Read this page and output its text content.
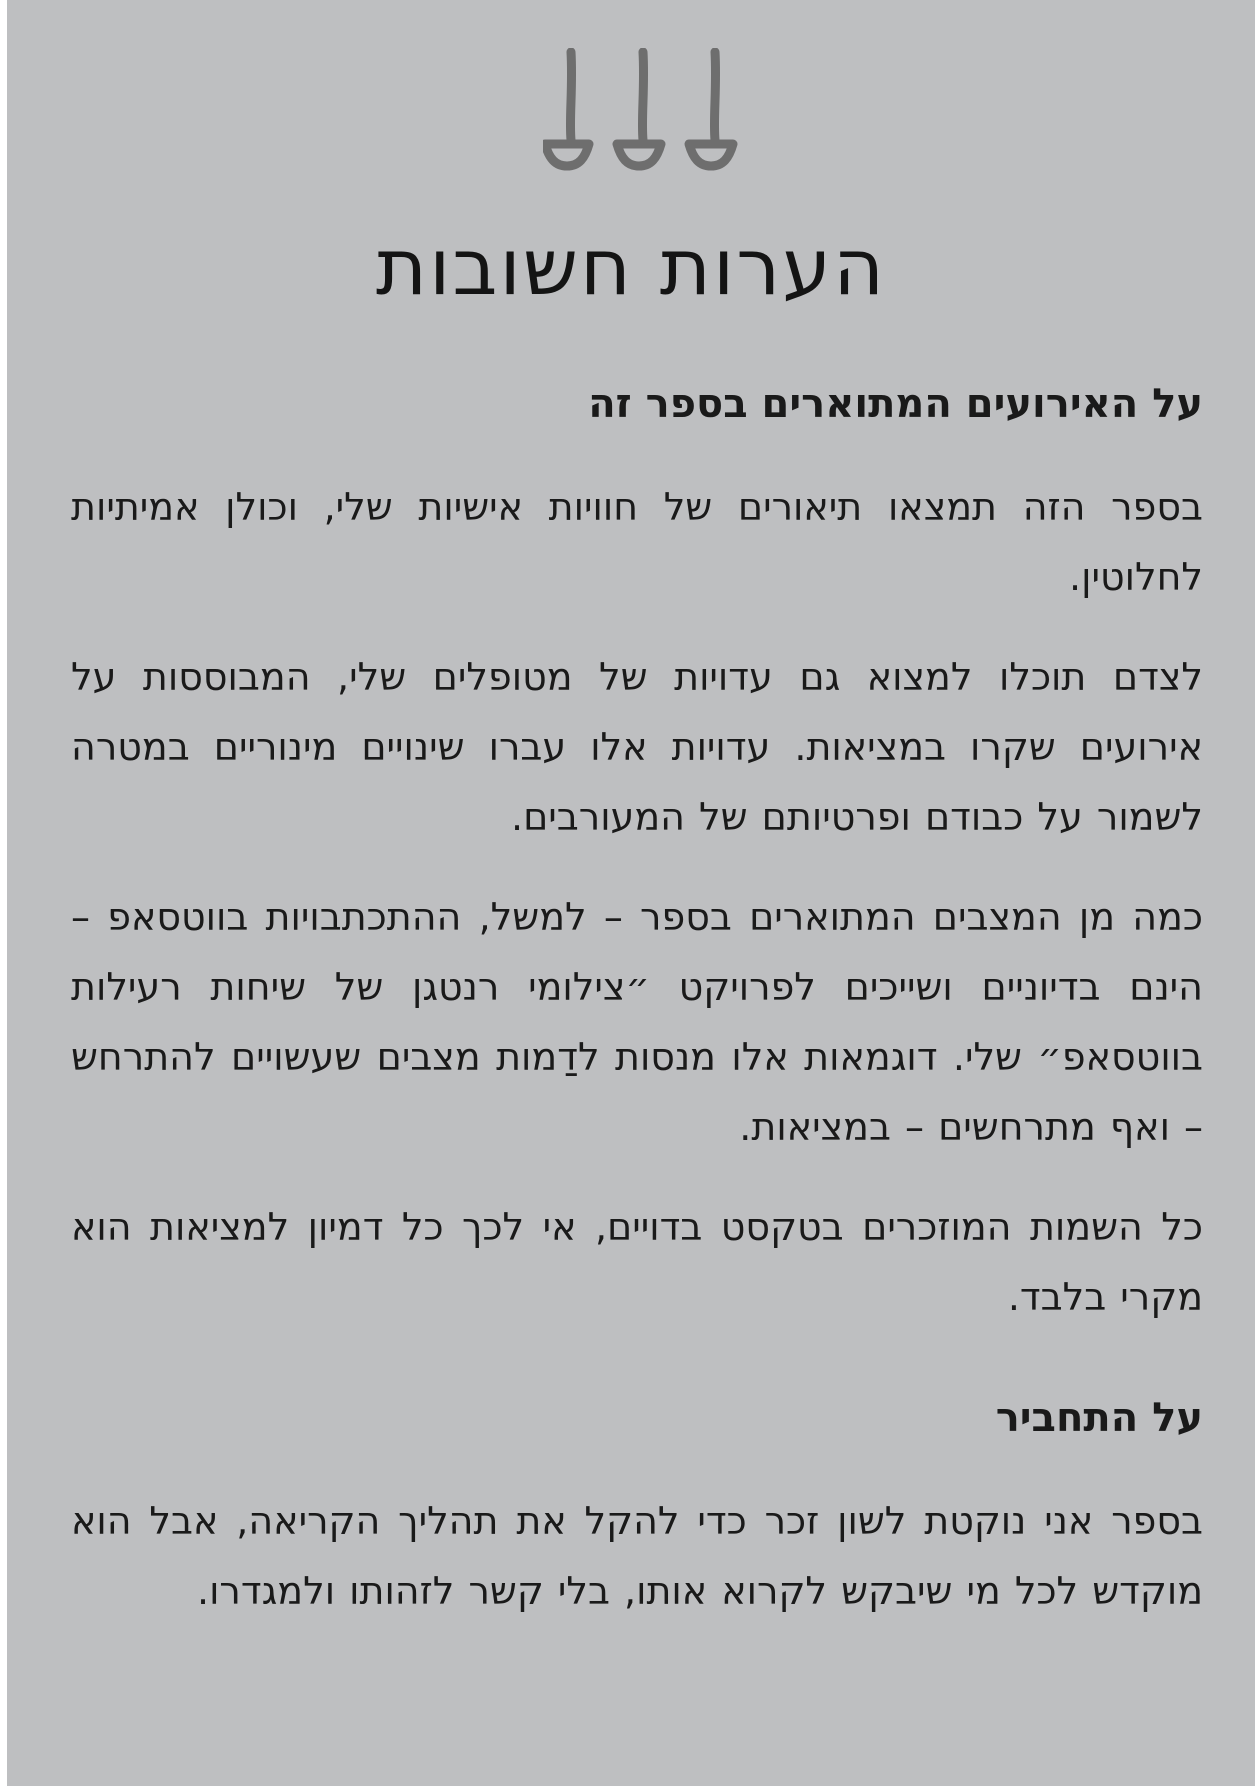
הערות חשובות
על האירועים המתוארים בספר זה

בספר הזה תמצאו תיאורים של חוויות אישיות שלי, וכולן אמיתיות לחלוטין.

לצדם תוכלו למצוא גם עדויות של מטופלים שלי, המבוססות על אירועים שקרו במציאות. עדויות אלו עברו שינויים מינוריים במטרה לשמור על כבודם ופרטיותם של המעורבים.

כמה מן המצבים המתוארים בספר – למשל, ההתכתבויות בווטסאפ – הינם בדיוניים ושייכים לפרויקט ״צילומי רנטגן של שיחות רעילות בווטסאפ״ שלי. דוגמאות אלו מנסות לדַמות מצבים שעשויים להתרחש – ואף מתרחשים – במציאות.

כל השמות המוזכרים בטקסט בדויים, אי לכך כל דמיון למציאות הוא מקרי בלבד.

על התחביר

בספר אני נוקטת לשון זכר כדי להקל את תהליך הקריאה, אבל הוא מוקדש לכל מי שיבקש לקרוא אותו, בלי קשר לזהותו ולמגדרו.
